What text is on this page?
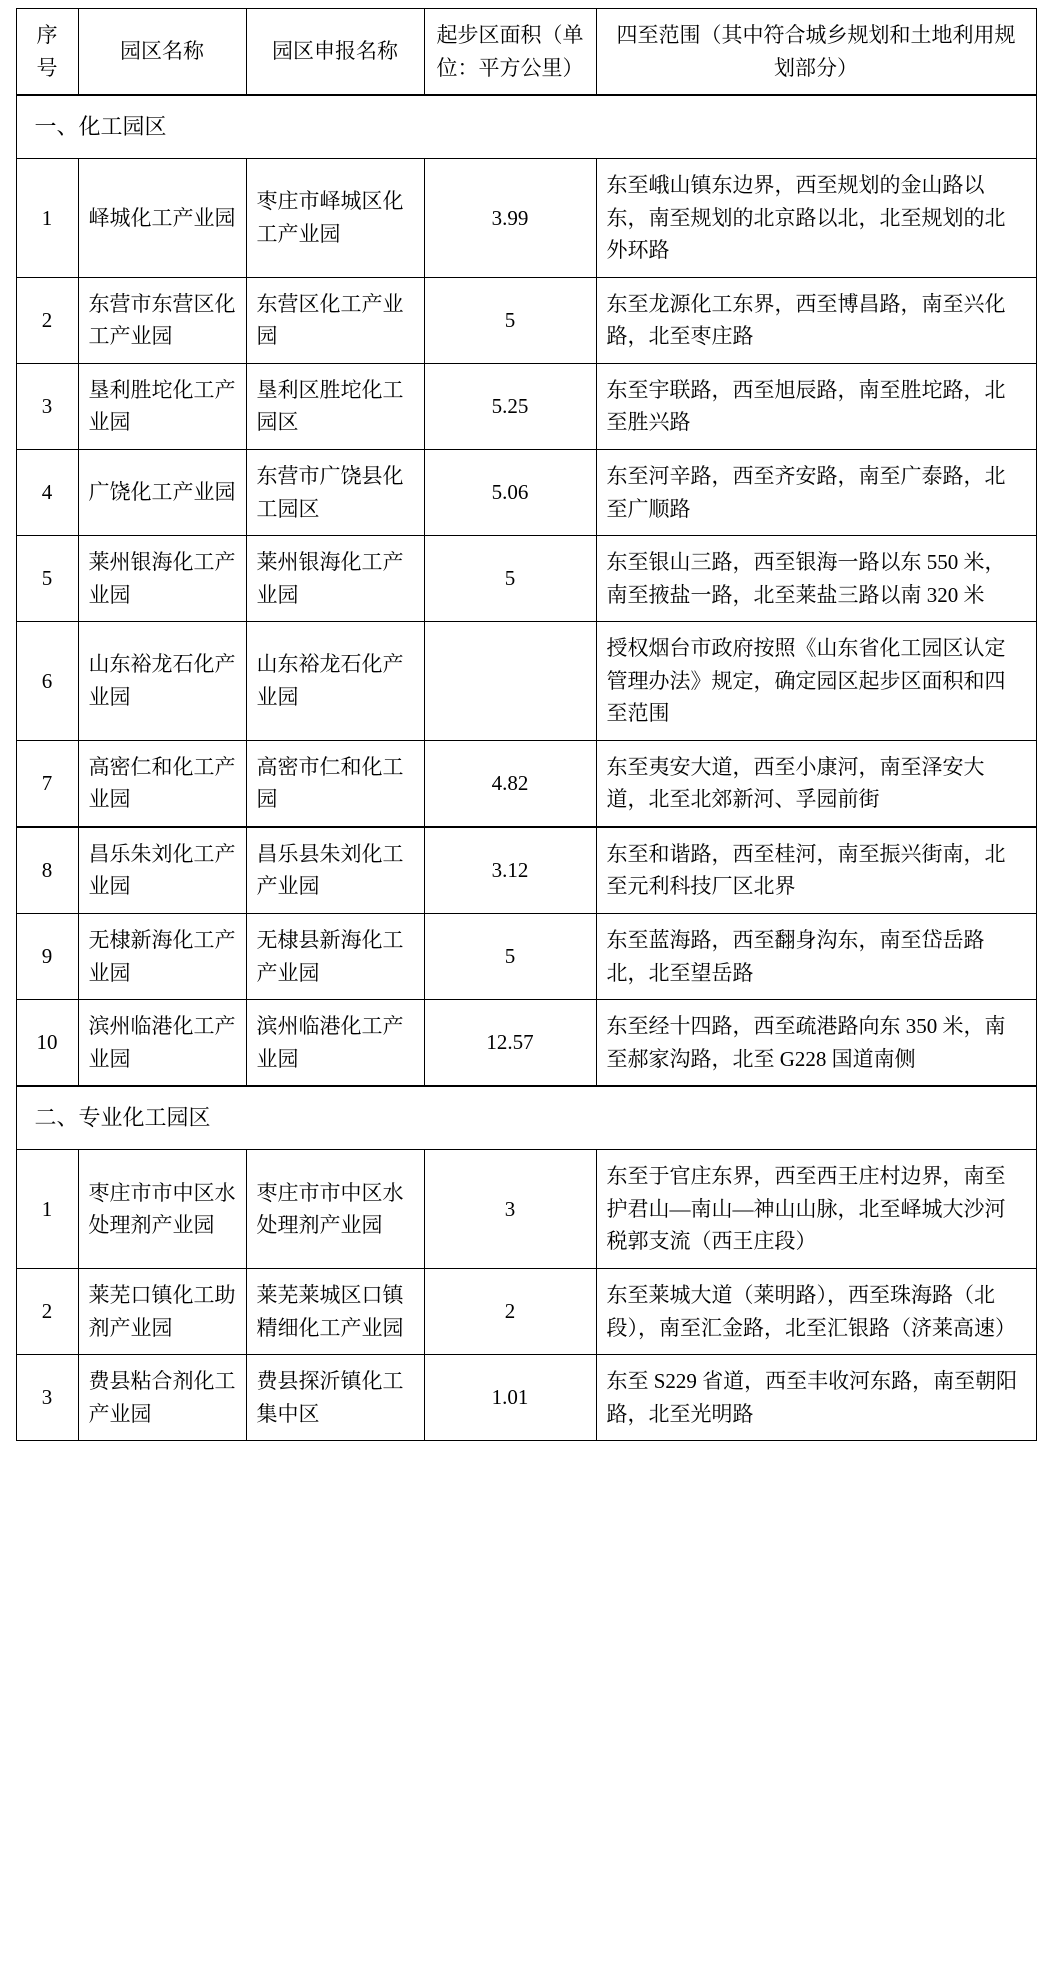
序号	园区名称	园区申报名称	起步区面积（单位：平方公里）	四至范围（其中符合城乡规划和土地利用规划部分）
一、化工园区				
1	峄城化工产业园	枣庄市峄城区化工产业园	3.99	东至峨山镇东边界，西至规划的金山路以东，南至规划的北京路以北，北至规划的北外环路
2	东营市东营区化工产业园	东营区化工产业园	5	东至龙源化工东界，西至博昌路，南至兴化路，北至枣庄路
3	垦利胜坨化工产业园	垦利区胜坨化工园区	5.25	东至宇联路，西至旭辰路，南至胜坨路，北至胜兴路
4	广饶化工产业园	东营市广饶县化工园区	5.06	东至河辛路，西至齐安路，南至广泰路，北至广顺路
5	莱州银海化工产业园	莱州银海化工产业园	5	东至银山三路，西至银海一路以东 550 米，南至掖盐一路，北至莱盐三路以南 320 米
6	山东裕龙石化产业园	山东裕龙石化产业园		授权烟台市政府按照《山东省化工园区认定管理办法》规定，确定园区起步区面积和四至范围
7	高密仁和化工产业园	高密市仁和化工园	4.82	东至夷安大道，西至小康河，南至泽安大道，北至北郊新河、孚园前街
8	昌乐朱刘化工产业园	昌乐县朱刘化工产业园	3.12	东至和谐路，西至桂河，南至振兴街南，北至元利科技厂区北界
9	无棣新海化工产业园	无棣县新海化工产业园	5	东至蓝海路，西至翻身沟东，南至岱岳路北，北至望岳路
10	滨州临港化工产业园	滨州临港化工产业园	12.57	东至经十四路，西至疏港路向东 350 米，南至郝家沟路，北至 G228 国道南侧
二、专业化工园区				
1	枣庄市市中区水处理剂产业园	枣庄市市中区水处理剂产业园	3	东至于官庄东界，西至西王庄村边界，南至护君山—南山—神山山脉，北至峄城大沙河税郭支流（西王庄段）
2	莱芜口镇化工助剂产业园	莱芜莱城区口镇精细化工产业园	2	东至莱城大道（莱明路），西至珠海路（北段），南至汇金路，北至汇银路（济莱高速）
3	费县粘合剂化工产业园	费县探沂镇化工集中区	1.01	东至 S229 省道，西至丰收河东路，南至朝阳路，北至光明路
